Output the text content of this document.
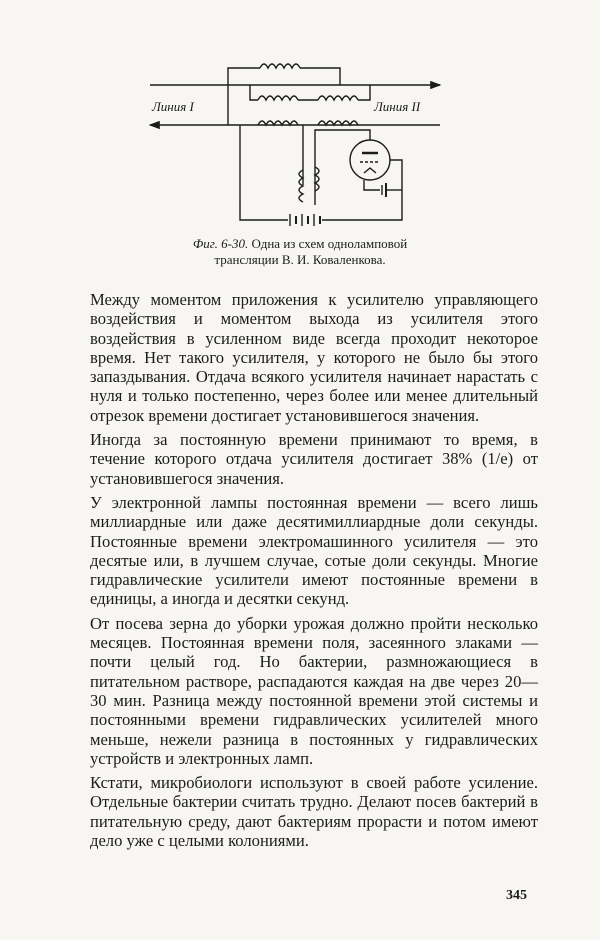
Линия I	Линия II
Фиг. 6-30. Одна из схем одноламповой
трансляции В. И. Коваленкова.

Между моментом приложения к усилителю управляющего воздействия и моментом выхода из усилителя этого воздействия в усиленном виде всегда проходит некоторое время. Нет такого усилителя, у которого не было бы этого запаздывания. Отдача всякого усилителя начинает нарастать с нуля и только постепенно, через более или менее длительный отрезок времени достигает установившегося значения.

Иногда за постоянную времени принимают то время, в течение которого отдача усилителя достигает 38% (1/e) от установившегося значения.

У электронной лампы постоянная времени — всего лишь миллиардные или даже десятимиллиардные доли секунды. Постоянные времени электромашинного усилителя — это десятые или, в лучшем случае, сотые доли секунды. Многие гидравлические усилители имеют постоянные времени в единицы, а иногда и десятки секунд.

От посева зерна до уборки урожая должно пройти несколько месяцев. Постоянная времени поля, засеянного злаками — почти целый год. Но бактерии, размножающиеся в питательном растворе, распадаются каждая на две через 20—30 мин. Разница между постоянной времени этой системы и постоянными времени гидравлических усилителей много меньше, нежели разница в постоянных у гидравлических устройств и электронных ламп.

Кстати, микробиологи используют в своей работе усиление. Отдельные бактерии считать трудно. Делают посев бактерий в питательную среду, дают бактериям прорасти и потом имеют дело уже с целыми колониями.

345
